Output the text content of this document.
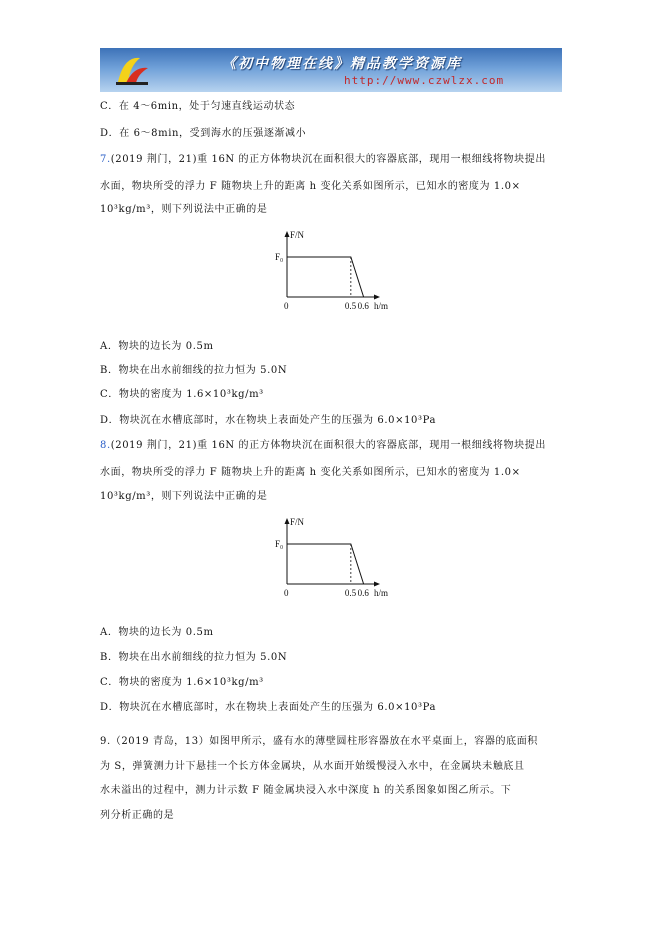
《初中物理在线》精品教学资源库
http://www.czwlzx.com
C．在 4～6min，处于匀速直线运动状态
D．在 6～8min，受到海水的压强逐渐减小
7.(2019 荆门，21)重 16N 的正方体物块沉在面积很大的容器底部，现用一根细线将物块提出
水面，物块所受的浮力 F 随物块上升的距离 h 变化关系如图所示，已知水的密度为 1.0×
10³kg/m³，则下列说法中正确的是
F/N
F₀
0	0.5 0.6 h/m
A．物块的边长为 0.5m
B．物块在出水前细线的拉力恒为 5.0N
C．物块的密度为 1.6×10³kg/m³
D．物块沉在水槽底部时，水在物块上表面处产生的压强为 6.0×10³Pa
8.(2019 荆门，21)重 16N 的正方体物块沉在面积很大的容器底部，现用一根细线将物块提出
水面，物块所受的浮力 F 随物块上升的距离 h 变化关系如图所示，已知水的密度为 1.0×
10³kg/m³，则下列说法中正确的是
F/N
F₀
0	0.5 0.6 h/m
A．物块的边长为 0.5m
B．物块在出水前细线的拉力恒为 5.0N
C．物块的密度为 1.6×10³kg/m³
D．物块沉在水槽底部时，水在物块上表面处产生的压强为 6.0×10³Pa
9.（2019 青岛，13）如图甲所示，盛有水的薄壁圆柱形容器放在水平桌面上，容器的底面积
为 S，弹簧测力计下悬挂一个长方体金属块，从水面开始缓慢浸入水中，在金属块未触底且
水未溢出的过程中，测力计示数 F 随金属块浸入水中深度 h 的关系图象如图乙所示。下
列分析正确的是
